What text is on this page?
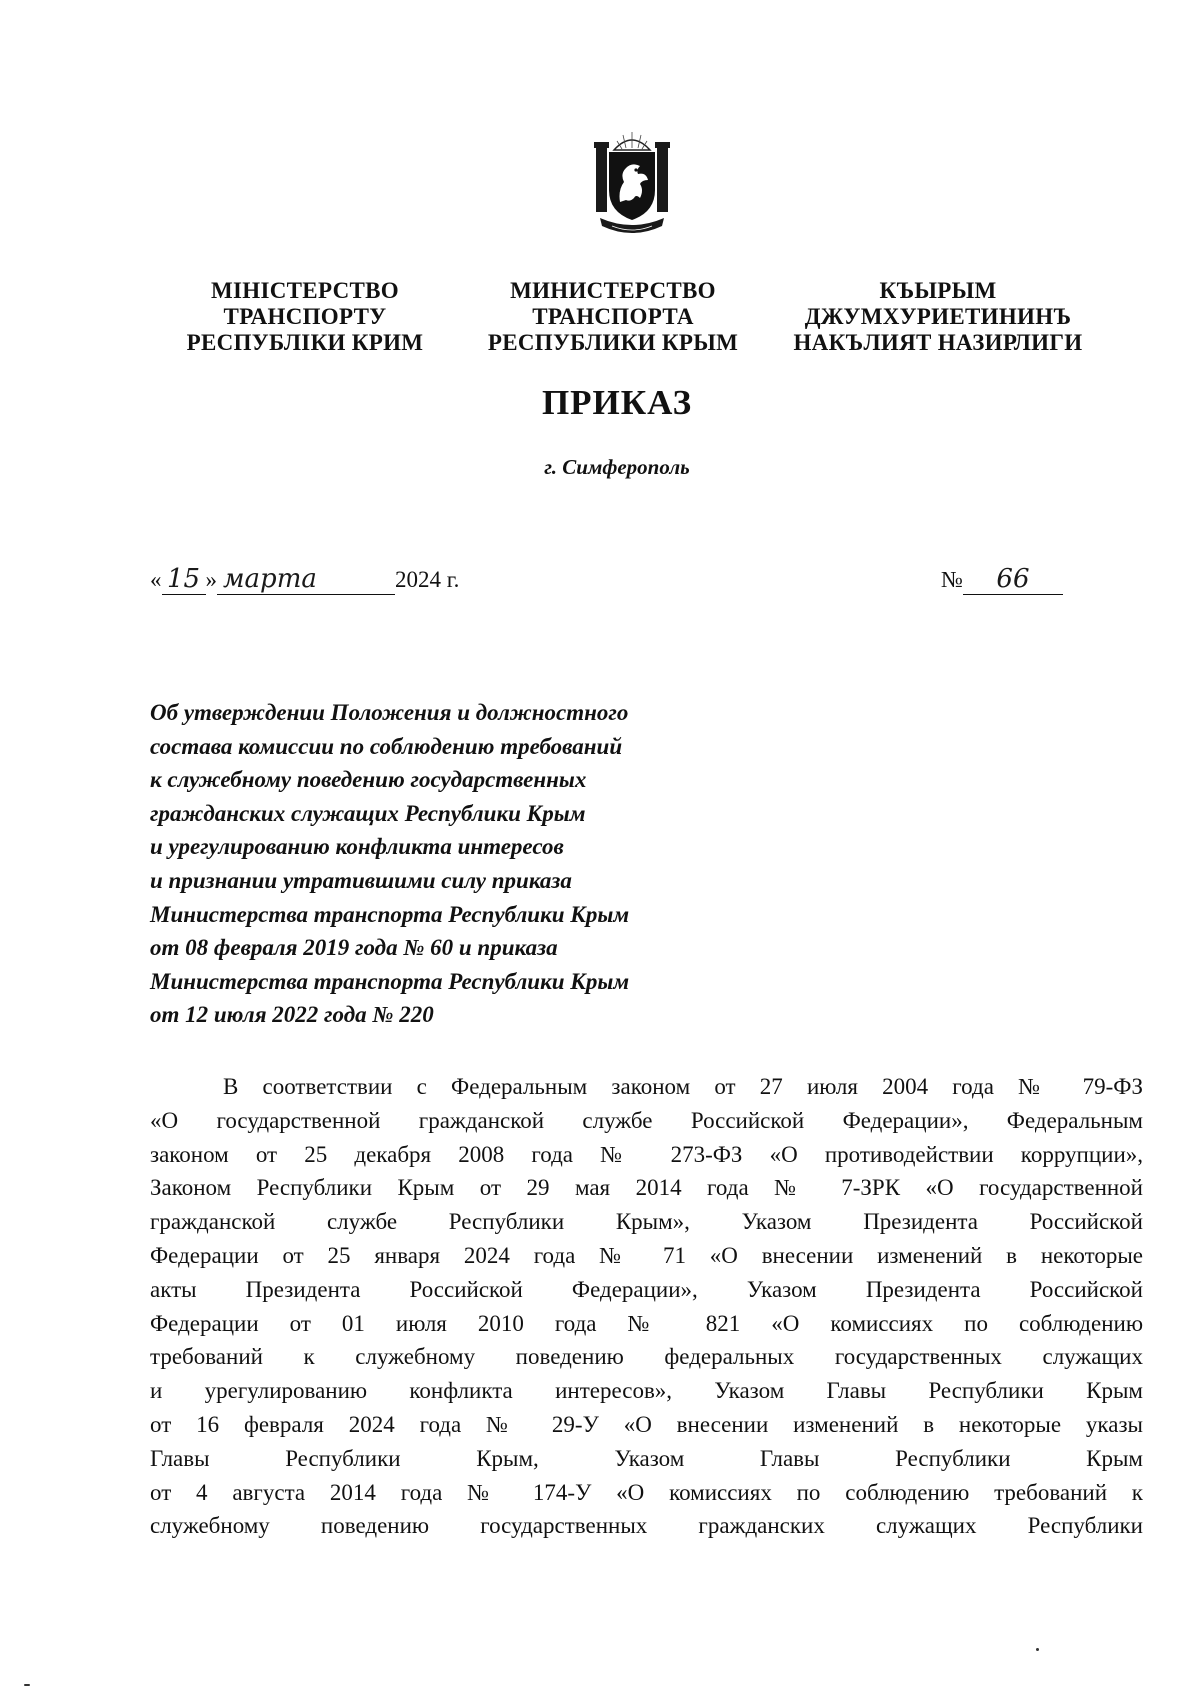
МІНІСТЕРСТВО
ТРАНСПОРТУ
РЕСПУБЛІКИ КРИМ
МИНИСТЕРСТВО
ТРАНСПОРТА
РЕСПУБЛИКИ КРЫМ
КЪЫРЫМ
ДЖУМХУРИЕТИНИНЪ
НАКЪЛИЯТ НАЗИРЛИГИ
ПРИКАЗ
г. Симферополь
« 15 » марта	2024 г.	№ 66
Об утверждении Положения и должностного
состава комиссии по соблюдению требований
к служебному поведению государственных
гражданских служащих Республики Крым
и урегулированию конфликта интересов
и признании утратившими силу приказа
Министерства транспорта Республики Крым
от 08 февраля 2019 года № 60 и приказа
Министерства транспорта Республики Крым
от 12 июля 2022 года № 220
В соответствии с Федеральным законом от 27 июля 2004 года № 79-ФЗ
«О государственной гражданской службе Российской Федерации», Федеральным
законом от 25 декабря 2008 года № 273-ФЗ «О противодействии коррупции»,
Законом Республики Крым от 29 мая 2014 года № 7-ЗРК «О государственной
гражданской службе Республики Крым», Указом Президента Российской
Федерации от 25 января 2024 года № 71 «О внесении изменений в некоторые
акты Президента Российской Федерации», Указом Президента Российской
Федерации от 01 июля 2010 года № 821 «О комиссиях по соблюдению
требований к служебному поведению федеральных государственных служащих
и урегулированию конфликта интересов», Указом Главы Республики Крым
от 16 февраля 2024 года № 29-У «О внесении изменений в некоторые указы
Главы Республики Крым, Указом Главы Республики Крым
от 4 августа 2014 года № 174-У «О комиссиях по соблюдению требований к
служебному поведению государственных гражданских служащих Республики
